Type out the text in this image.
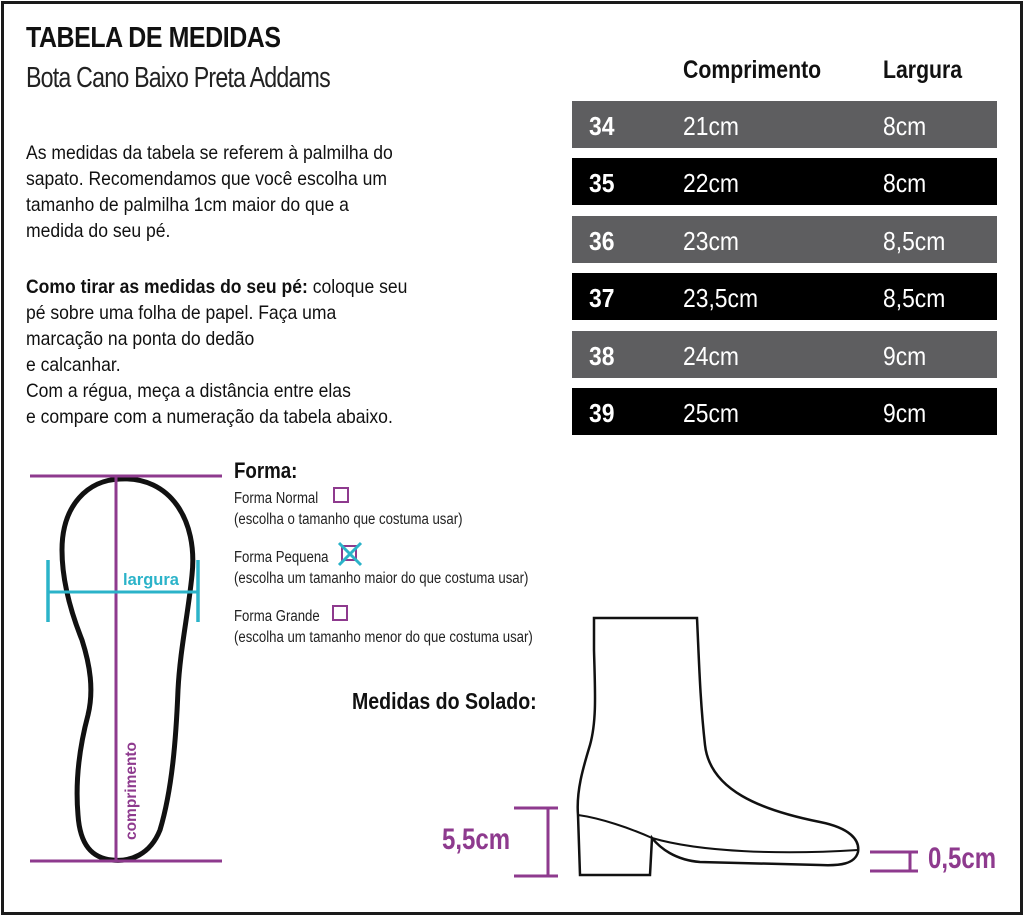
TABELA DE MEDIDAS
Bota Cano Baixo Preta Addams
As medidas da tabela se referem à palmilha do
sapato. Recomendamos que você escolha um
tamanho de palmilha 1cm maior do que a
medida do seu pé.
Como tirar as medidas do seu pé: coloque seu
pé sobre uma folha de papel. Faça uma
marcação na ponta do dedão
e calcanhar.
Com a régua, meça a distância entre elas
e compare com a numeração da tabela abaixo.
Comprimento Largura
34	21cm	8cm
35	22cm	8cm
36	23cm	8,5cm
37	23,5cm	8,5cm
38	24cm	9cm
39	25cm	9cm
largura
comprimento
Forma:
Forma Normal
(escolha o tamanho que costuma usar)
Forma Pequena
(escolha um tamanho maior do que costuma usar)
Forma Grande
(escolha um tamanho menor do que costuma usar)
Medidas do Solado:
5,5cm
0,5cm
